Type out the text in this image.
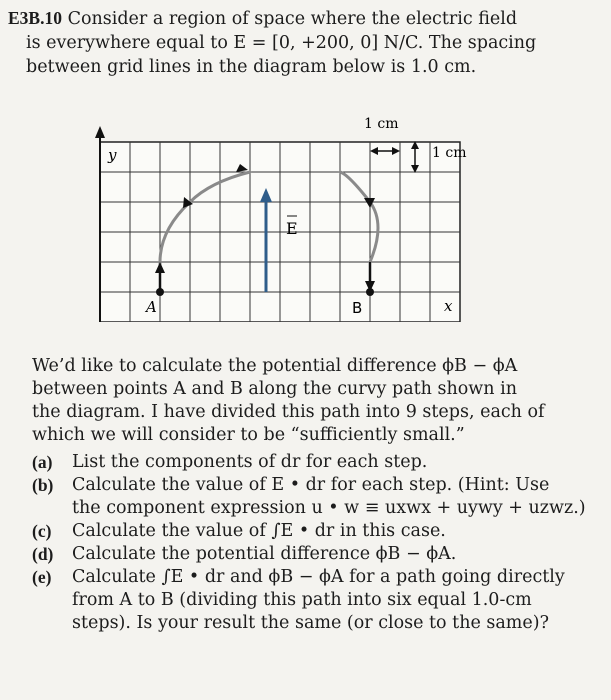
E3B.10 Consider a region of space where the electric field
is everywhere equal to E = [0, +200, 0] N/C. The spacing
between grid lines in the diagram below is 1.0 cm.
y
1 cm
1 cm
E
A	B	x

We’d like to calculate the potential difference ϕB − ϕA

between points A and B along the curvy path shown in

the diagram. I have divided this path into 9 steps, each of

which we will consider to be “sufficiently small.”

(a) List the components of dr for each step.
(b) Calculate the value of E • dr for each step. (Hint: Use
the component expression u • w ≡ uxwx + uywy + uzwz.)
(c) Calculate the value of ∫E • dr in this case.
(d) Calculate the potential difference ϕB − ϕA.
(e) Calculate ∫E • dr and ϕB − ϕA for a path going directly
from A to B (dividing this path into six equal 1.0-cm
steps). Is your result the same (or close to the same)?
